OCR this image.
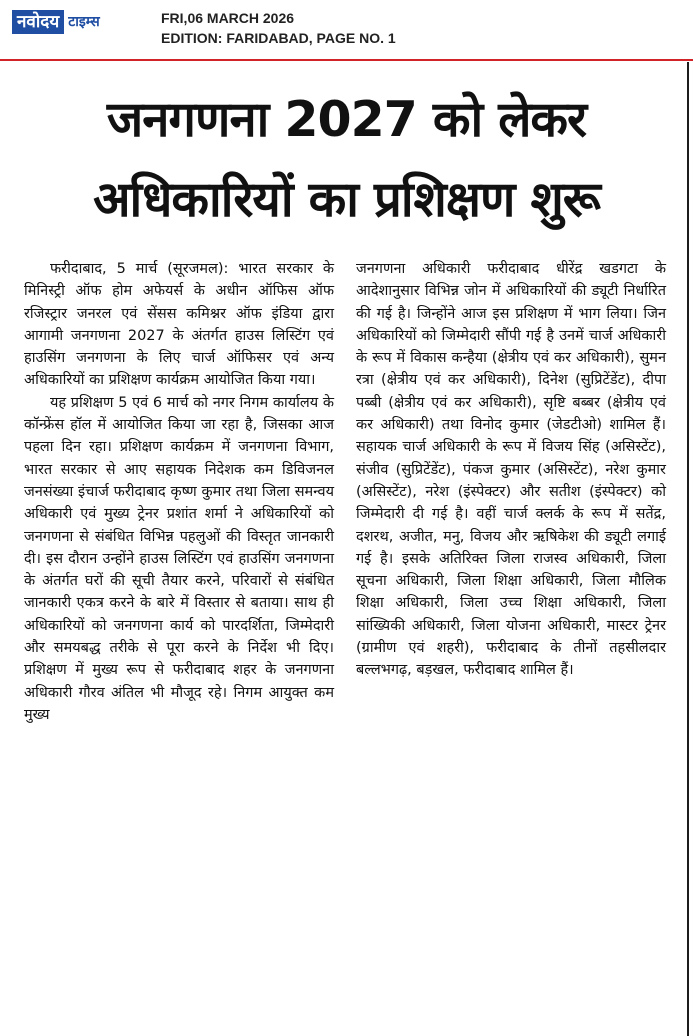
नवोदय टाइम्स	FRI,06 MARCH 2026
EDITION: FARIDABAD, PAGE NO. 1
जनगणना 2027 को लेकर
अधिकारियों का प्रशिक्षण शुरू

फरीदाबाद, 5 मार्च (सूरजमल): भारत सरकार के मिनिस्ट्री ऑफ होम अफेयर्स के अधीन ऑफिस ऑफ रजिस्ट्रार जनरल एवं सेंसस कमिश्नर ऑफ इंडिया द्वारा आगामी जनगणना 2027 के अंतर्गत हाउस लिस्टिंग एवं हाउसिंग जनगणना के लिए चार्ज ऑफिसर एवं अन्य अधिकारियों का प्रशिक्षण कार्यक्रम आयोजित किया गया।

यह प्रशिक्षण 5 एवं 6 मार्च को नगर निगम कार्यालय के कॉन्फ्रेंस हॉल में आयोजित किया जा रहा है, जिसका आज पहला दिन रहा। प्रशिक्षण कार्यक्रम में जनगणना विभाग, भारत सरकार से आए सहायक निदेशक कम डिविजनल जनसंख्या इंचार्ज फरीदाबाद कृष्ण कुमार तथा जिला समन्वय अधिकारी एवं मुख्य ट्रेनर प्रशांत शर्मा ने अधिकारियों को जनगणना से संबंधित विभिन्न पहलुओं की विस्तृत जानकारी दी। इस दौरान उन्होंने हाउस लिस्टिंग एवं हाउसिंग जनगणना के अंतर्गत घरों की सूची तैयार करने, परिवारों से संबंधित जानकारी एकत्र करने के बारे में विस्तार से बताया। साथ ही अधिकारियों को जनगणना कार्य को पारदर्शिता, जिम्मेदारी और समयबद्ध तरीके से पूरा करने के निर्देश भी दिए। प्रशिक्षण में मुख्य रूप से फरीदाबाद शहर के जनगणना अधिकारी गौरव अंतिल भी मौजूद रहे। निगम आयुक्त कम मुख्य

जनगणना अधिकारी फरीदाबाद धीरेंद्र खडगटा के आदेशानुसार विभिन्न जोन में अधिकारियों की ड्यूटी निर्धारित की गई है। जिन्होंने आज इस प्रशिक्षण में भाग लिया। जिन अधिकारियों को जिम्मेदारी सौंपी गई है उनमें चार्ज अधिकारी के रूप में विकास कन्हैया (क्षेत्रीय एवं कर अधिकारी), सुमन रत्रा (क्षेत्रीय एवं कर अधिकारी), दिनेश (सुप्रिटेंडेंट), दीपा पब्बी (क्षेत्रीय एवं कर अधिकारी), सृष्टि बब्बर (क्षेत्रीय एवं कर अधिकारी) तथा विनोद कुमार (जेडटीओ) शामिल हैं। सहायक चार्ज अधिकारी के रूप में विजय सिंह (असिस्टेंट), संजीव (सुप्रिटेंडेंट), पंकज कुमार (असिस्टेंट), नरेश कुमार (असिस्टेंट), नरेश (इंस्पेक्टर) और सतीश (इंस्पेक्टर) को जिम्मेदारी दी गई है। वहीं चार्ज क्लर्क के रूप में सतेंद्र, दशरथ, अजीत, मनु, विजय और ऋषिकेश की ड्यूटी लगाई गई है। इसके अतिरिक्त जिला राजस्व अधिकारी, जिला सूचना अधिकारी, जिला शिक्षा अधिकारी, जिला मौलिक शिक्षा अधिकारी, जिला उच्च शिक्षा अधिकारी, जिला सांख्यिकी अधिकारी, जिला योजना अधिकारी, मास्टर ट्रेनर (ग्रामीण एवं शहरी), फरीदाबाद के तीनों तहसीलदार बल्लभगढ़, बड़खल, फरीदाबाद शामिल हैं।
